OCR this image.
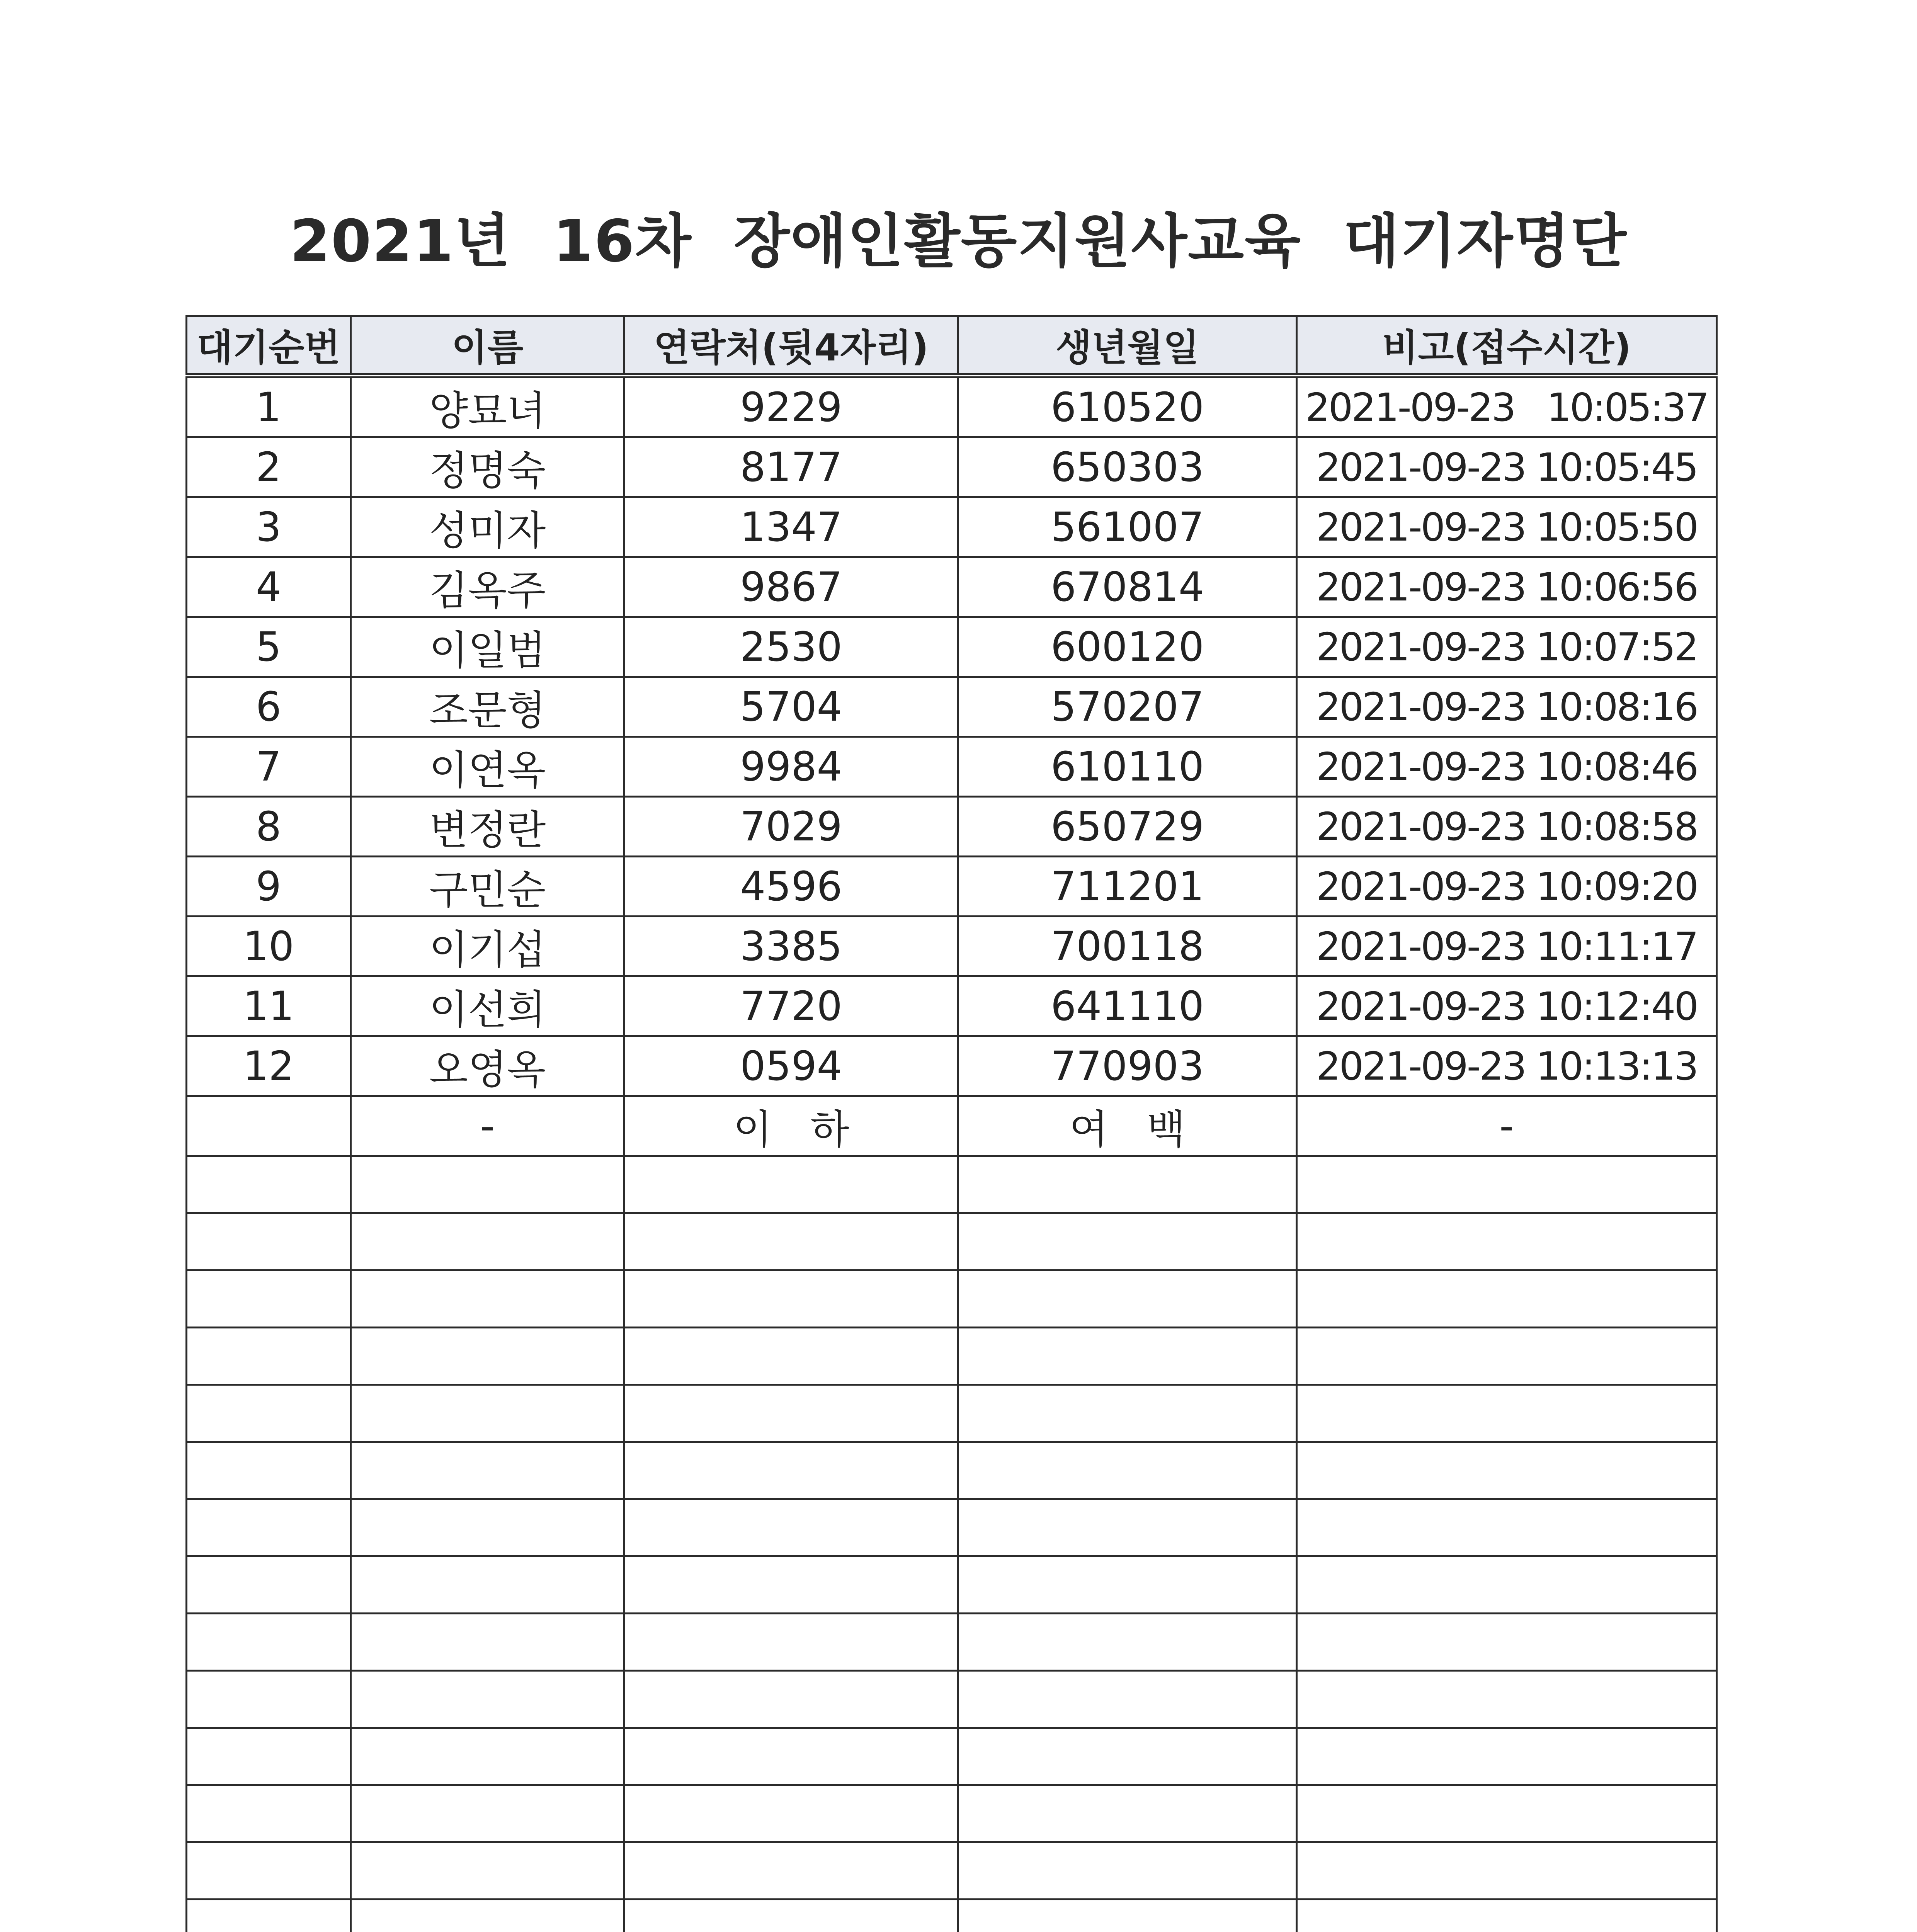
2021년  16차  장애인활동지원사교육  대기자명단
대기순번	이름	연락처(뒷4자리)	생년월일	비고(접수시간)
1	양묘녀	9229	610520	2021-09-23   10:05:37
2	정명숙	8177	650303	2021-09-23 10:05:45
3	성미자	1347	561007	2021-09-23 10:05:50
4	김옥주	9867	670814	2021-09-23 10:06:56
5	이일범	2530	600120	2021-09-23 10:07:52
6	조문형	5704	570207	2021-09-23 10:08:16
7	이연옥	9984	610110	2021-09-23 10:08:46
8	변정란	7029	650729	2021-09-23 10:08:58
9	구민순	4596	711201	2021-09-23 10:09:20
10	이기섭	3385	700118	2021-09-23 10:11:17
11	이선희	7720	641110	2021-09-23 10:12:40
12	오영옥	0594	770903	2021-09-23 10:13:13
	-	이   하	여   백	-
